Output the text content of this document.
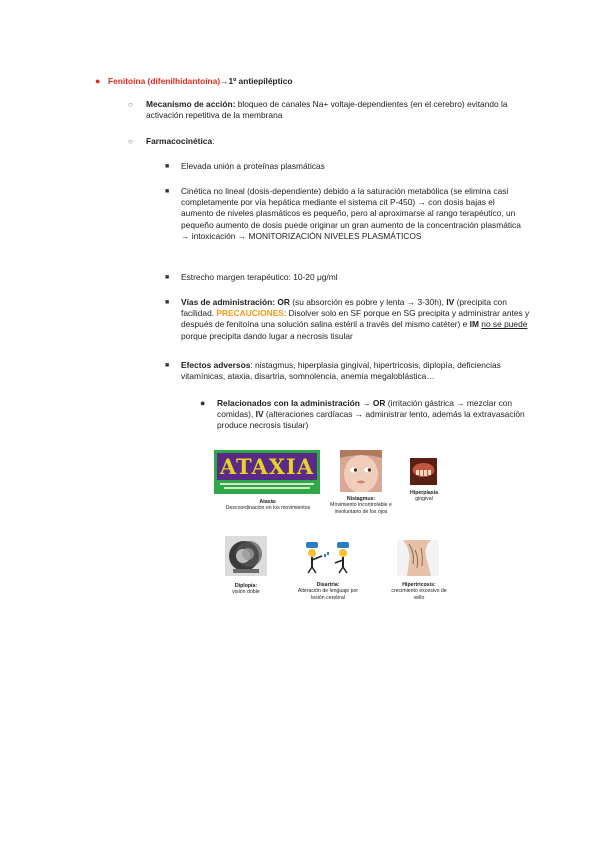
● Fenitoína (difenilhidantoína)→1º antiepiléptico
○ Mecanismo de acción: bloqueo de canales Na+ voltaje-dependientes (en el cerebro) evitando la activación repetitiva de la membrana
○ Farmacocinética:
■ Elevada unión a proteínas plasmáticas
■ Cinética no lineal (dosis-dependiente) debido a la saturación metabólica (se elimina casi completamente por vía hepática mediante el sistema cit P-450) → con dosis bajas el aumento de niveles plasmáticos es pequeño, pero al aproximarse al rango terapéutico, un pequeño aumento de dosis puede originar un gran aumento de la concentración plasmática → intoxicación → MONITORIZACIÓN NIVELES PLASMÁTICOS
■ Estrecho margen terapéutico: 10-20 μg/ml
■ Vías de administración: OR (su absorción es pobre y lenta → 3-30h), IV (precipita con facilidad. PRECAUCIONES: Disolver solo en SF porque en SG precipita y administrar antes y después de fenitoína una solución salina estéril a través del mismo catéter) e IM no se puede porque precipita dando lugar a necrosis tisular
■ Efectos adversos: nistagmus, hiperplasia gingival, hipertricosis, diplopía, deficiencias vitamínicas, ataxia, disartria, somnolencia, anemia megaloblástica…
● Relacionados con la administración → OR (irritación gástrica → mezclar con comidas), IV (alteraciones cardíacas → administrar lento, además la extravasación produce necrosis tisular)
ATAXIA
Ataxia:
Descoordinación en los movimientos
Nistagmus:
Movimiento incontrolable e involuntario de los ojos
Hiperplasia
gingival
Diplopia:
visión doble
Disartria:
Alteración de lenguaje por lesión cerebral
Hipertricosis:
crecimiento excesivo de vello
